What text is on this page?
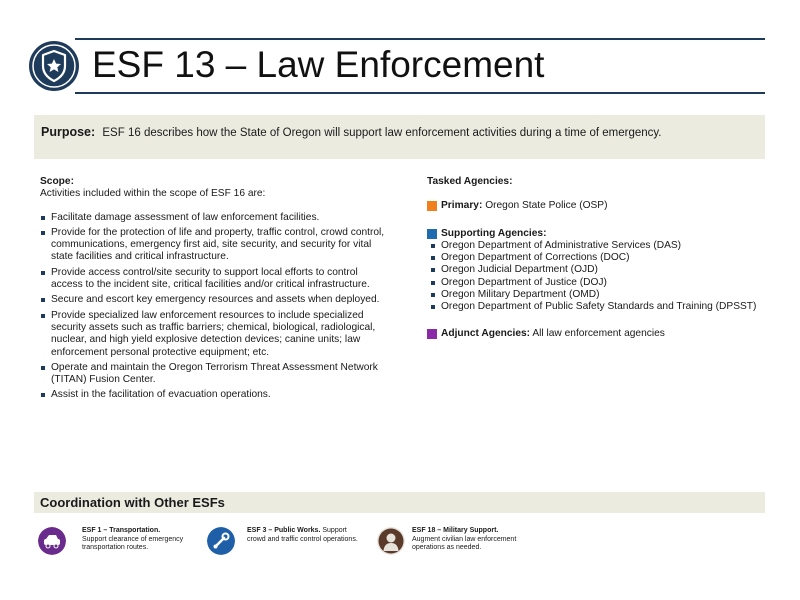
ESF 13 – Law Enforcement
Purpose: ESF 16 describes how the State of Oregon will support law enforcement activities during a time of emergency.
Scope:
Activities included within the scope of ESF 16 are:
Facilitate damage assessment of law enforcement facilities.
Provide for the protection of life and property, traffic control, crowd control, communications, emergency first aid, site security, and security for vital state facilities and critical infrastructure.
Provide access control/site security to support local efforts to control access to the incident site, critical facilities and/or critical infrastructure.
Secure and escort key emergency resources and assets when deployed.
Provide specialized law enforcement resources to include specialized security assets such as traffic barriers; chemical, biological, radiological, nuclear, and high yield explosive detection devices; canine units; law enforcement personal protective equipment; etc.
Operate and maintain the Oregon Terrorism Threat Assessment Network (TITAN) Fusion Center.
Assist in the facilitation of evacuation operations.
Tasked Agencies:
Primary: Oregon State Police (OSP)
Supporting Agencies:
Oregon Department of Administrative Services (DAS)
Oregon Department of Corrections (DOC)
Oregon Judicial Department (OJD)
Oregon Department of Justice (DOJ)
Oregon Military Department (OMD)
Oregon Department of Public Safety Standards and Training (DPSST)
Adjunct Agencies: All law enforcement agencies
Coordination with Other ESFs
ESF 1 – Transportation.
Support clearance of emergency transportation routes.
ESF 3 – Public Works. Support crowd and traffic control operations.
ESF 18 – Military Support.
Augment civilian law enforcement operations as needed.
